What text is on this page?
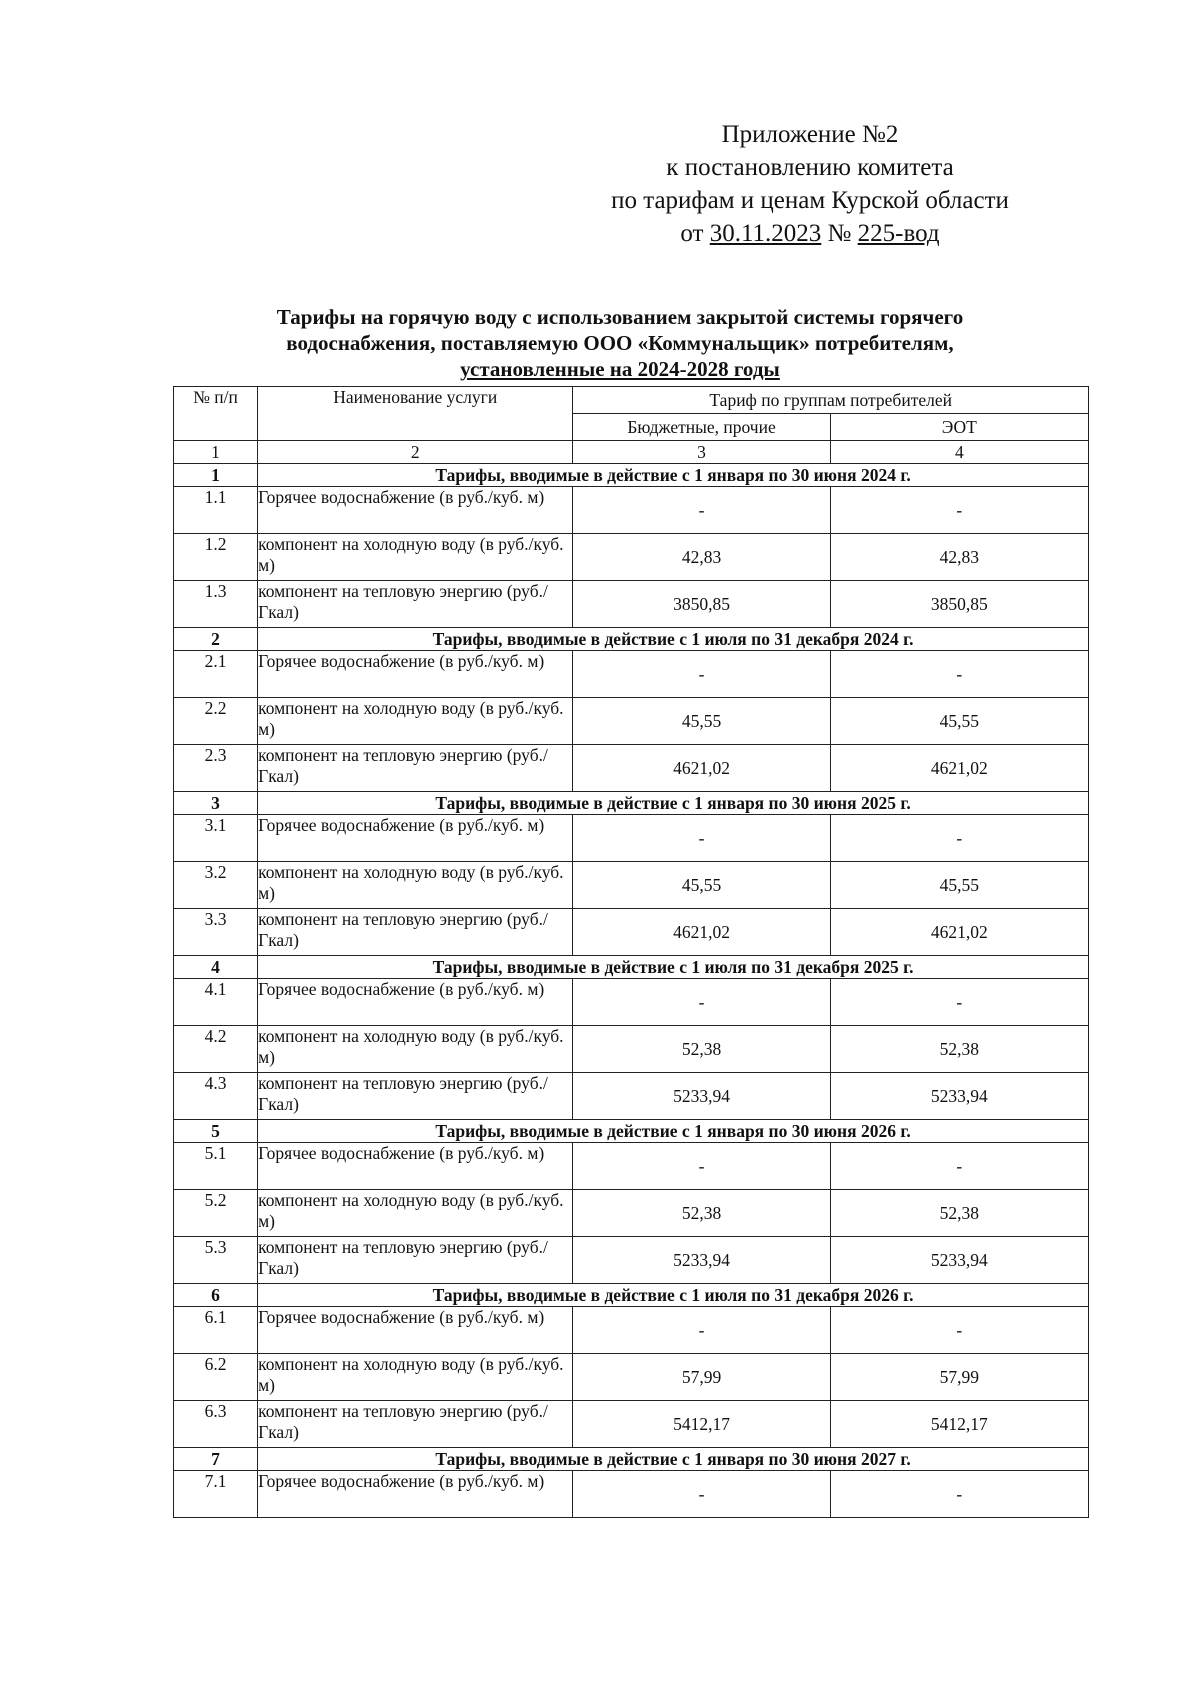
Приложение №2
к постановлению комитета
по тарифам и ценам Курской области
от 30.11.2023 № 225-вод
Тарифы на горячую воду с использованием закрытой системы горячего
водоснабжения, поставляемую ООО «Коммунальщик» потребителям,
установленные на 2024-2028 годы
№ п/п	Наименование услуги	Тариф по группам потребителей	
		Бюджетные, прочие	ЭОТ
1	2	3	4
1	Тарифы, вводимые в действие с 1 января по 30 июня 2024 г.		
1.1	Горячее водоснабжение (в руб./куб. м)	-	-
1.2	компонент на холодную воду (в руб./куб. м)	42,83	42,83
1.3	компонент на тепловую энергию (руб./Гкал)	3850,85	3850,85
2	Тарифы, вводимые в действие с 1 июля по 31 декабря 2024 г.		
2.1	Горячее водоснабжение (в руб./куб. м)	-	-
2.2	компонент на холодную воду (в руб./куб. м)	45,55	45,55
2.3	компонент на тепловую энергию (руб./Гкал)	4621,02	4621,02
3	Тарифы, вводимые в действие с 1 января по 30 июня 2025 г.		
3.1	Горячее водоснабжение (в руб./куб. м)	-	-
3.2	компонент на холодную воду (в руб./куб. м)	45,55	45,55
3.3	компонент на тепловую энергию (руб./Гкал)	4621,02	4621,02
4	Тарифы, вводимые в действие с 1 июля по 31 декабря 2025 г.		
4.1	Горячее водоснабжение (в руб./куб. м)	-	-
4.2	компонент на холодную воду (в руб./куб. м)	52,38	52,38
4.3	компонент на тепловую энергию (руб./Гкал)	5233,94	5233,94
5	Тарифы, вводимые в действие с 1 января по 30 июня 2026 г.		
5.1	Горячее водоснабжение (в руб./куб. м)	-	-
5.2	компонент на холодную воду (в руб./куб. м)	52,38	52,38
5.3	компонент на тепловую энергию (руб./Гкал)	5233,94	5233,94
6	Тарифы, вводимые в действие с 1 июля по 31 декабря 2026 г.		
6.1	Горячее водоснабжение (в руб./куб. м)	-	-
6.2	компонент на холодную воду (в руб./куб. м)	57,99	57,99
6.3	компонент на тепловую энергию (руб./Гкал)	5412,17	5412,17
7	Тарифы, вводимые в действие с 1 января по 30 июня 2027 г.		
7.1	Горячее водоснабжение (в руб./куб. м)	-	-
